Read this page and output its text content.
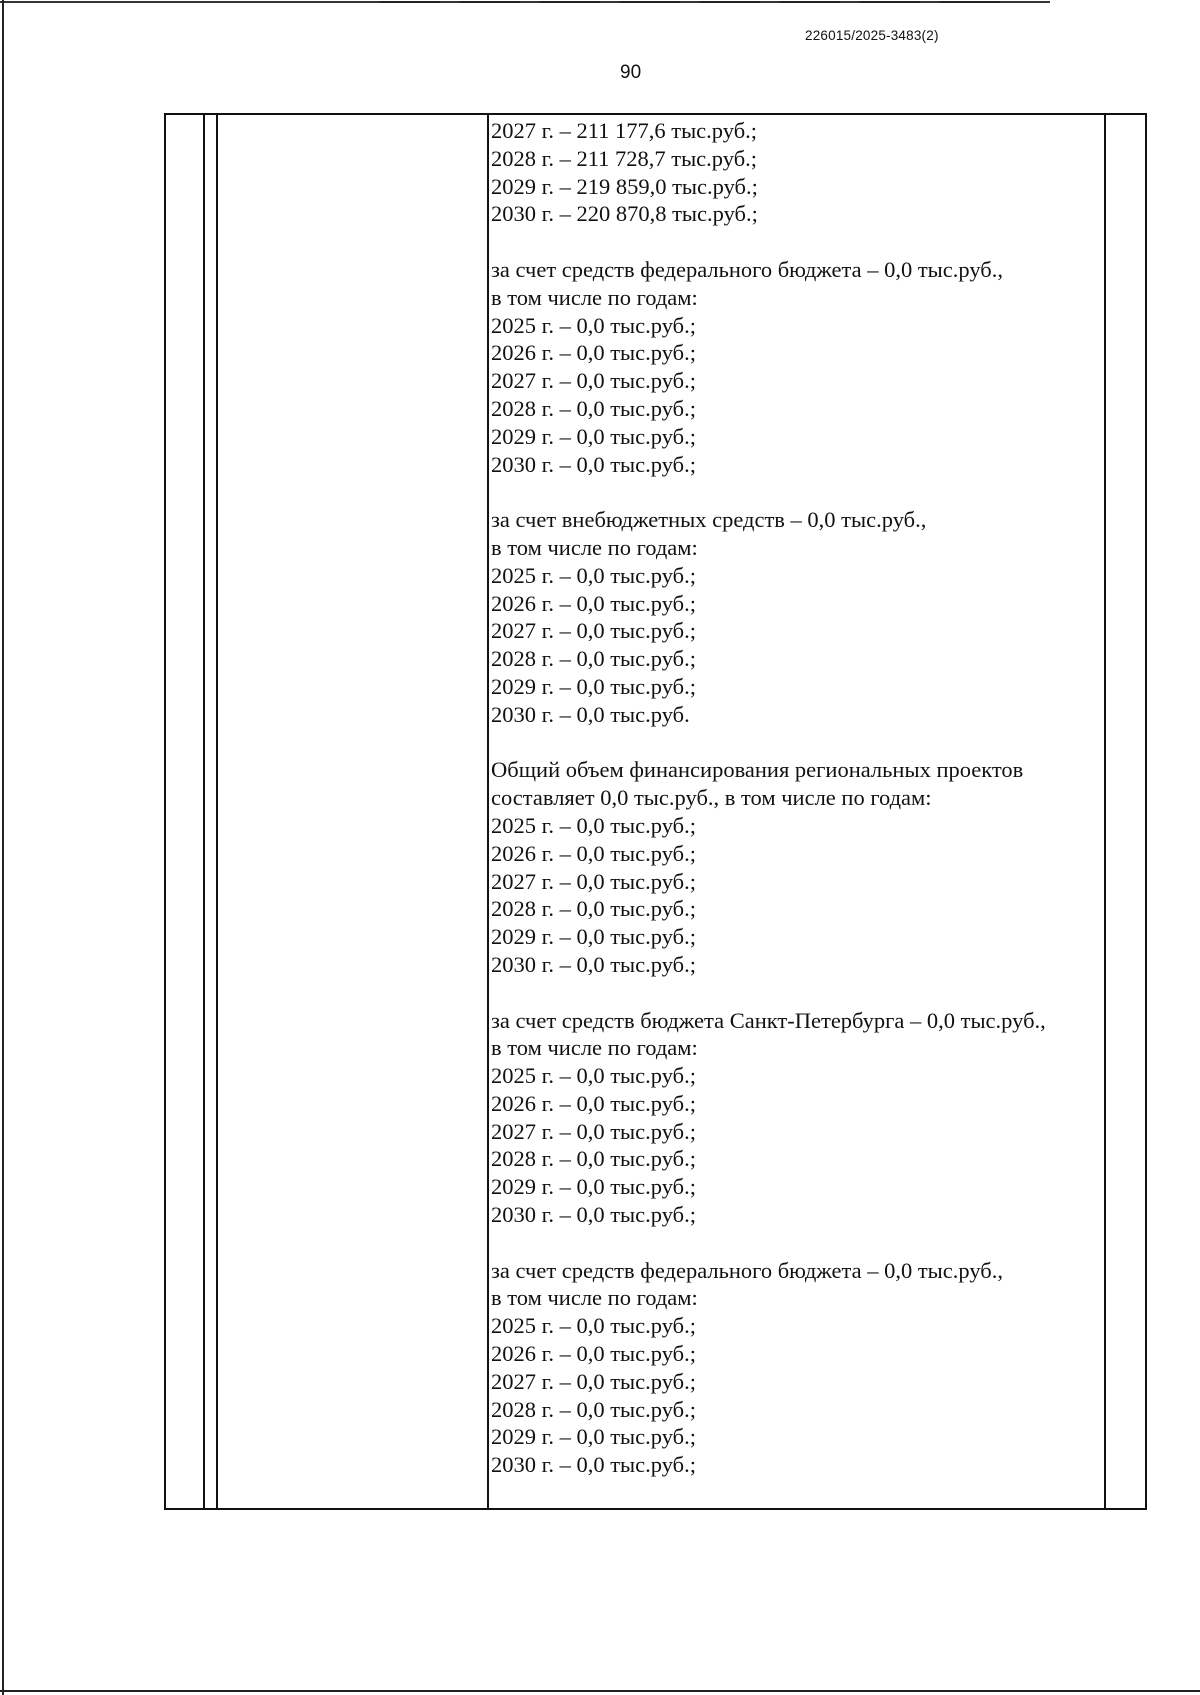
226015/2025-3483(2)
90
2027 г. – 211 177,6 тыс.руб.;
2028 г. – 211 728,7 тыс.руб.;
2029 г. – 219 859,0 тыс.руб.;
2030 г. – 220 870,8 тыс.руб.;
за счет средств федерального бюджета – 0,0 тыс.руб.,
в том числе по годам:
2025 г. – 0,0 тыс.руб.;
2026 г. – 0,0 тыс.руб.;
2027 г. – 0,0 тыс.руб.;
2028 г. – 0,0 тыс.руб.;
2029 г. – 0,0 тыс.руб.;
2030 г. – 0,0 тыс.руб.;
за счет внебюджетных средств – 0,0 тыс.руб.,
в том числе по годам:
2025 г. – 0,0 тыс.руб.;
2026 г. – 0,0 тыс.руб.;
2027 г. – 0,0 тыс.руб.;
2028 г. – 0,0 тыс.руб.;
2029 г. – 0,0 тыс.руб.;
2030 г. – 0,0 тыс.руб.
Общий объем финансирования региональных проектов
составляет 0,0 тыс.руб., в том числе по годам:
2025 г. – 0,0 тыс.руб.;
2026 г. – 0,0 тыс.руб.;
2027 г. – 0,0 тыс.руб.;
2028 г. – 0,0 тыс.руб.;
2029 г. – 0,0 тыс.руб.;
2030 г. – 0,0 тыс.руб.;
за счет средств бюджета Санкт-Петербурга – 0,0 тыс.руб.,
в том числе по годам:
2025 г. – 0,0 тыс.руб.;
2026 г. – 0,0 тыс.руб.;
2027 г. – 0,0 тыс.руб.;
2028 г. – 0,0 тыс.руб.;
2029 г. – 0,0 тыс.руб.;
2030 г. – 0,0 тыс.руб.;
за счет средств федерального бюджета – 0,0 тыс.руб.,
в том числе по годам:
2025 г. – 0,0 тыс.руб.;
2026 г. – 0,0 тыс.руб.;
2027 г. – 0,0 тыс.руб.;
2028 г. – 0,0 тыс.руб.;
2029 г. – 0,0 тыс.руб.;
2030 г. – 0,0 тыс.руб.;
